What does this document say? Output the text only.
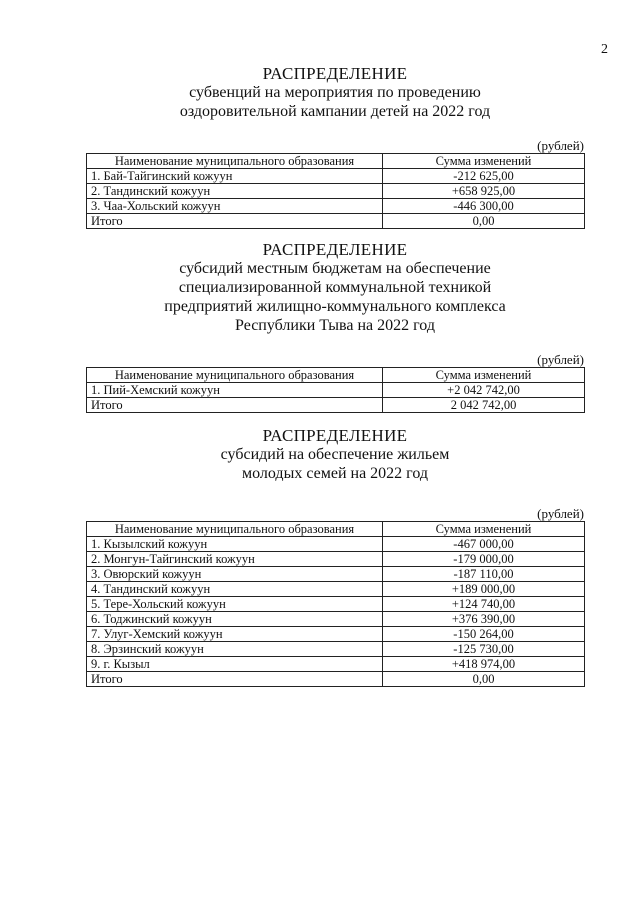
2
РАСПРЕДЕЛЕНИЕ
субвенций на мероприятия по проведению
оздоровительной кампании детей на 2022 год
(рублей)
Наименование муниципального образования	Сумма изменений
1. Бай-Тайгинский кожуун	-212 625,00
2. Тандинский кожуун	+658 925,00
3. Чаа-Хольский кожуун	-446 300,00
Итого	0,00
РАСПРЕДЕЛЕНИЕ
субсидий местным бюджетам на обеспечение
специализированной коммунальной техникой
предприятий жилищно-коммунального комплекса
Республики Тыва на 2022 год
(рублей)
Наименование муниципального образования	Сумма изменений
1. Пий-Хемский кожуун	+2 042 742,00
Итого	2 042 742,00
РАСПРЕДЕЛЕНИЕ
субсидий на обеспечение жильем
молодых семей на 2022 год
(рублей)
Наименование муниципального образования	Сумма изменений
1. Кызылский кожуун	-467 000,00
2. Монгун-Тайгинский кожуун	-179 000,00
3. Овюрский кожуун	-187 110,00
4. Тандинский кожуун	+189 000,00
5. Тере-Хольский кожуун	+124 740,00
6. Тоджинский кожуун	+376 390,00
7. Улуг-Хемский кожуун	-150 264,00
8. Эрзинский кожуун	-125 730,00
9. г. Кызыл	+418 974,00
Итого	0,00
